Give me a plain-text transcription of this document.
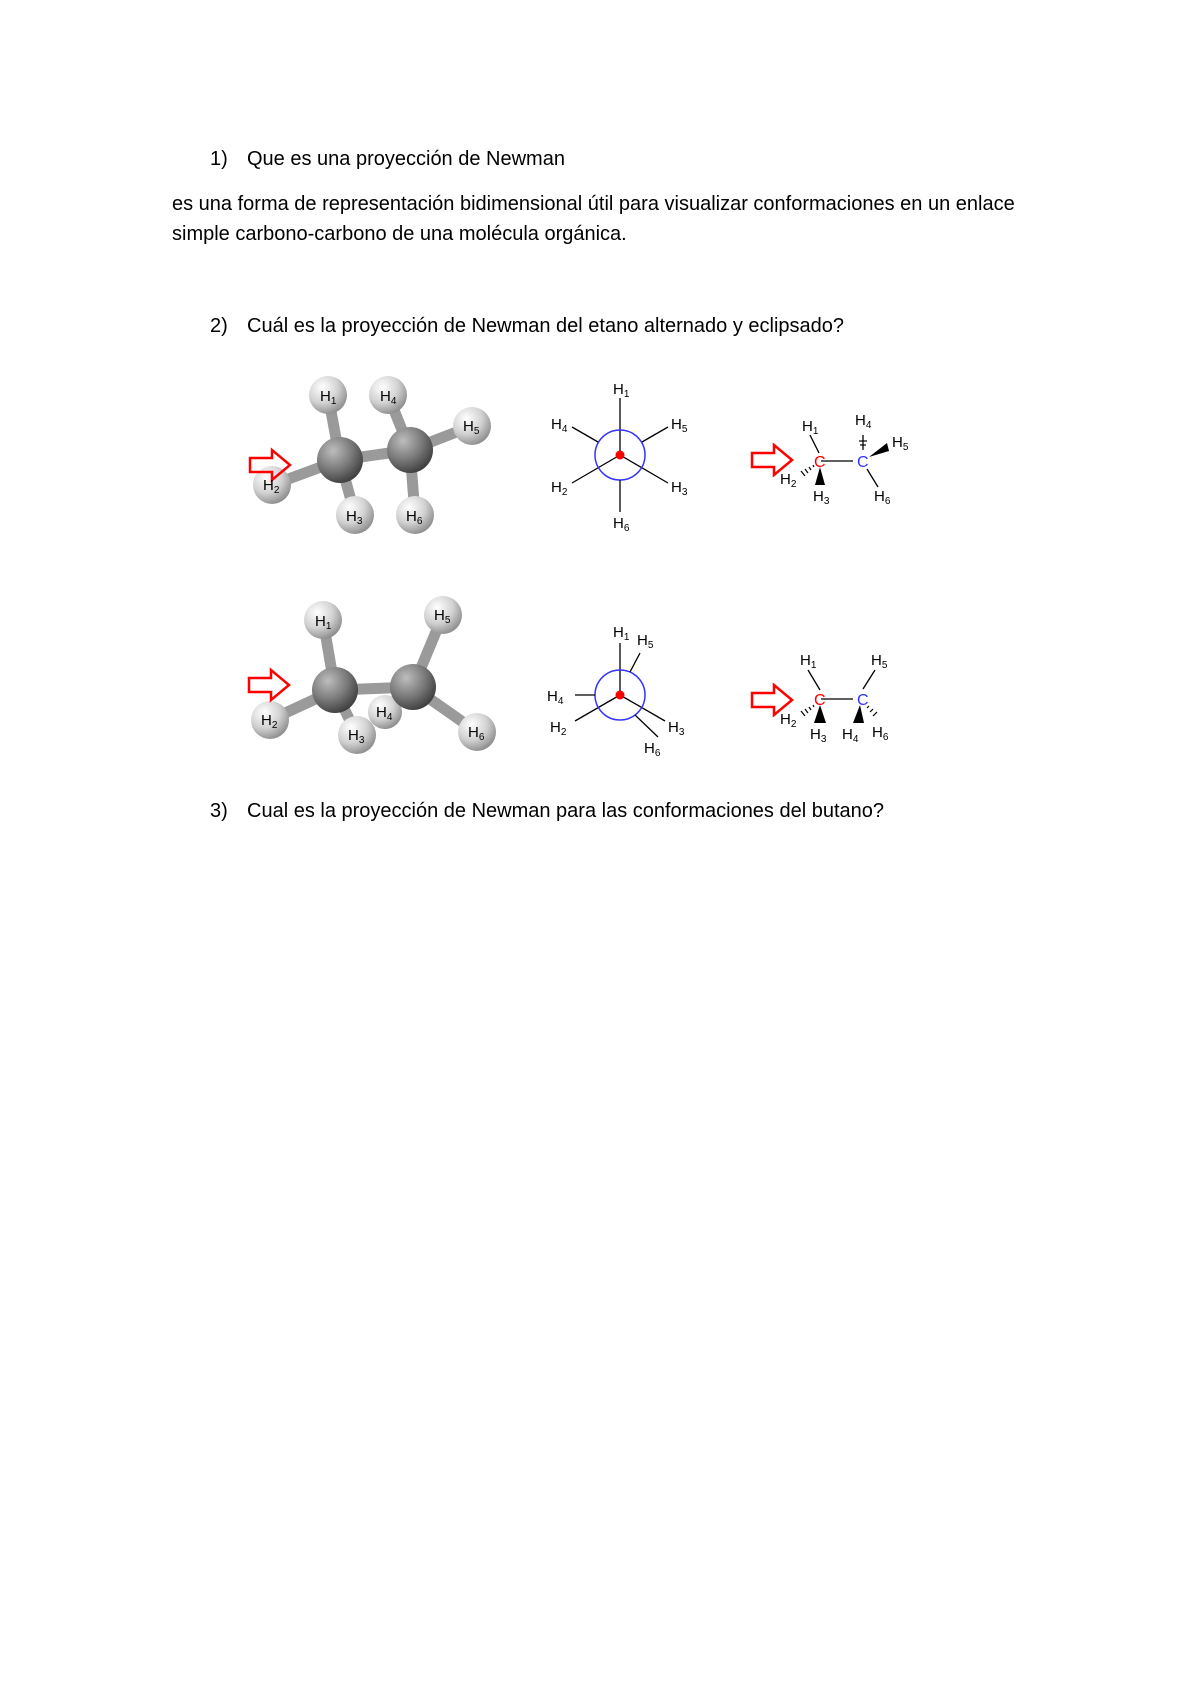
1) Que es una proyección de Newman
es una forma de representación bidimensional útil para visualizar conformaciones en un enlace simple carbono-carbono de una molécula orgánica.
2) Cuál es la proyección de Newman del etano alternado y eclipsado?
3) Cual es la proyección de Newman para las conformaciones del butano?
$H_1$	$H_4$
$H_5$
$H_2$
$H_3$	$H_6$
$H_1$
$H_4$	$H_5$
$H_2$	$H_3$
$H_6$
C C
$H_1$
$H_4$
$H_5$
$H_2$
$H_3$	$H_6$
$H_1$
$H_5$
$H_4$
$H_2$
$H_3$	$H_6$
$H_1$ $H_5$
$H_4$
$H_2$	$H_3$
$H_6$
C C
$H_1$	$H_5$
$H_2$
$H_3$ $H_4$ $H_6$
